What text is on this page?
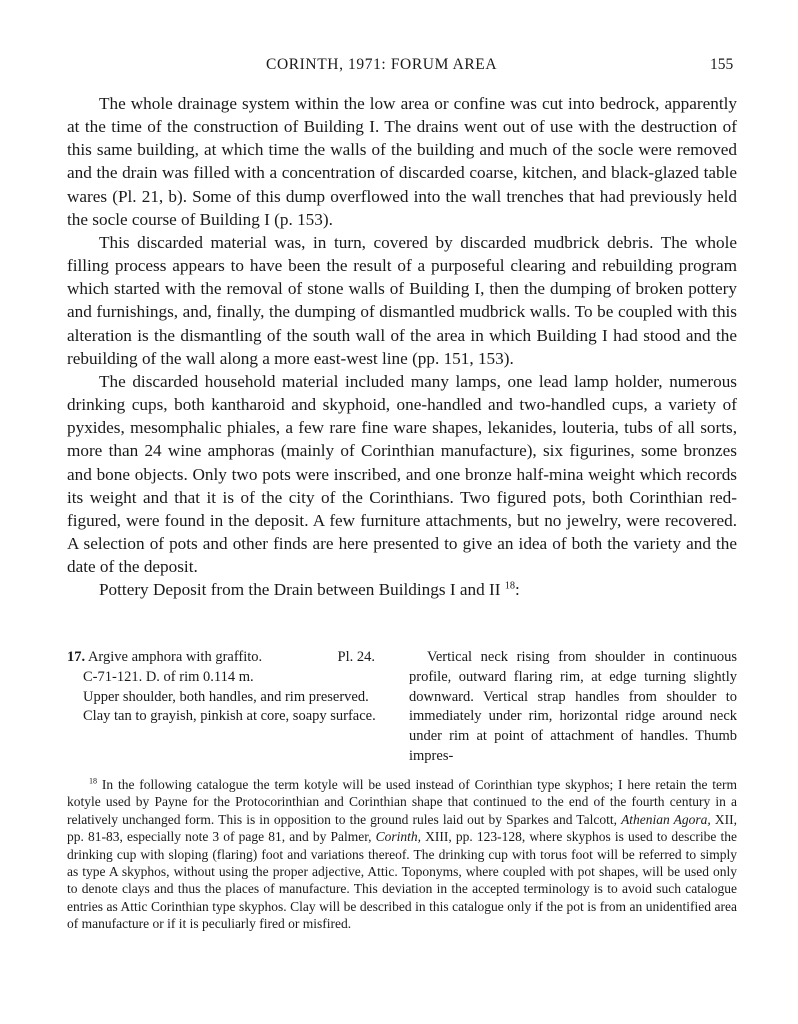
CORINTH, 1971: FORUM AREA	155

The whole drainage system within the low area or confine was cut into bedrock, apparently at the time of the construction of Building I. The drains went out of use with the destruction of this same building, at which time the walls of the building and much of the socle were removed and the drain was filled with a concentration of discarded coarse, kitchen, and black-glazed table wares (Pl. 21, b). Some of this dump overflowed into the wall trenches that had previously held the socle course of Building I (p. 153).

This discarded material was, in turn, covered by discarded mudbrick debris. The whole filling process appears to have been the result of a purposeful clearing and rebuilding program which started with the removal of stone walls of Building I, then the dumping of broken pottery and furnishings, and, finally, the dumping of dismantled mudbrick walls. To be coupled with this alteration is the dismantling of the south wall of the area in which Building I had stood and the rebuilding of the wall along a more east-west line (pp. 151, 153).

The discarded household material included many lamps, one lead lamp holder, numerous drinking cups, both kantharoid and skyphoid, one-handled and two-handled cups, a variety of pyxides, mesomphalic phiales, a few rare fine ware shapes, lekanides, louteria, tubs of all sorts, more than 24 wine amphoras (mainly of Corinthian manufacture), six figurines, some bronzes and bone objects. Only two pots were inscribed, and one bronze half-mina weight which records its weight and that it is of the city of the Corinthians. Two figured pots, both Corinthian red-figured, were found in the deposit. A few furniture attachments, but no jewelry, were recovered. A selection of pots and other finds are here presented to give an idea of both the variety and the date of the deposit.

Pottery Deposit from the Drain between Buildings I and II $^{18}$:

17. Argive amphora with graffito.	Pl. 24.

C-71-121. D. of rim 0.114 m.

Upper shoulder, both handles, and rim preserved.

Clay tan to grayish, pinkish at core, soapy surface.

Vertical neck rising from shoulder in continuous profile, outward flaring rim, at edge turning slightly downward. Vertical strap handles from shoulder to immediately under rim, horizontal ridge around neck under rim at point of attachment of handles. Thumb impres-

$^{18}$ In the following catalogue the term kotyle will be used instead of Corinthian type skyphos; I here retain the term kotyle used by Payne for the Protocorinthian and Corinthian shape that continued to the end of the fourth century in a relatively unchanged form. This is in opposition to the ground rules laid out by Sparkes and Talcott, Athenian Agora, XII, pp. 81-83, especially note 3 of page 81, and by Palmer, Corinth, XIII, pp. 123-128, where skyphos is used to describe the drinking cup with sloping (flaring) foot and variations thereof. The drinking cup with torus foot will be referred to simply as type A skyphos, without using the proper adjective, Attic. Toponyms, where coupled with pot shapes, will be used only to denote clays and thus the places of manufacture. This deviation in the accepted terminology is to avoid such catalogue entries as Attic Corinthian type skyphos. Clay will be described in this catalogue only if the pot is from an unidentified area of manufacture or if it is peculiarly fired or misfired.
